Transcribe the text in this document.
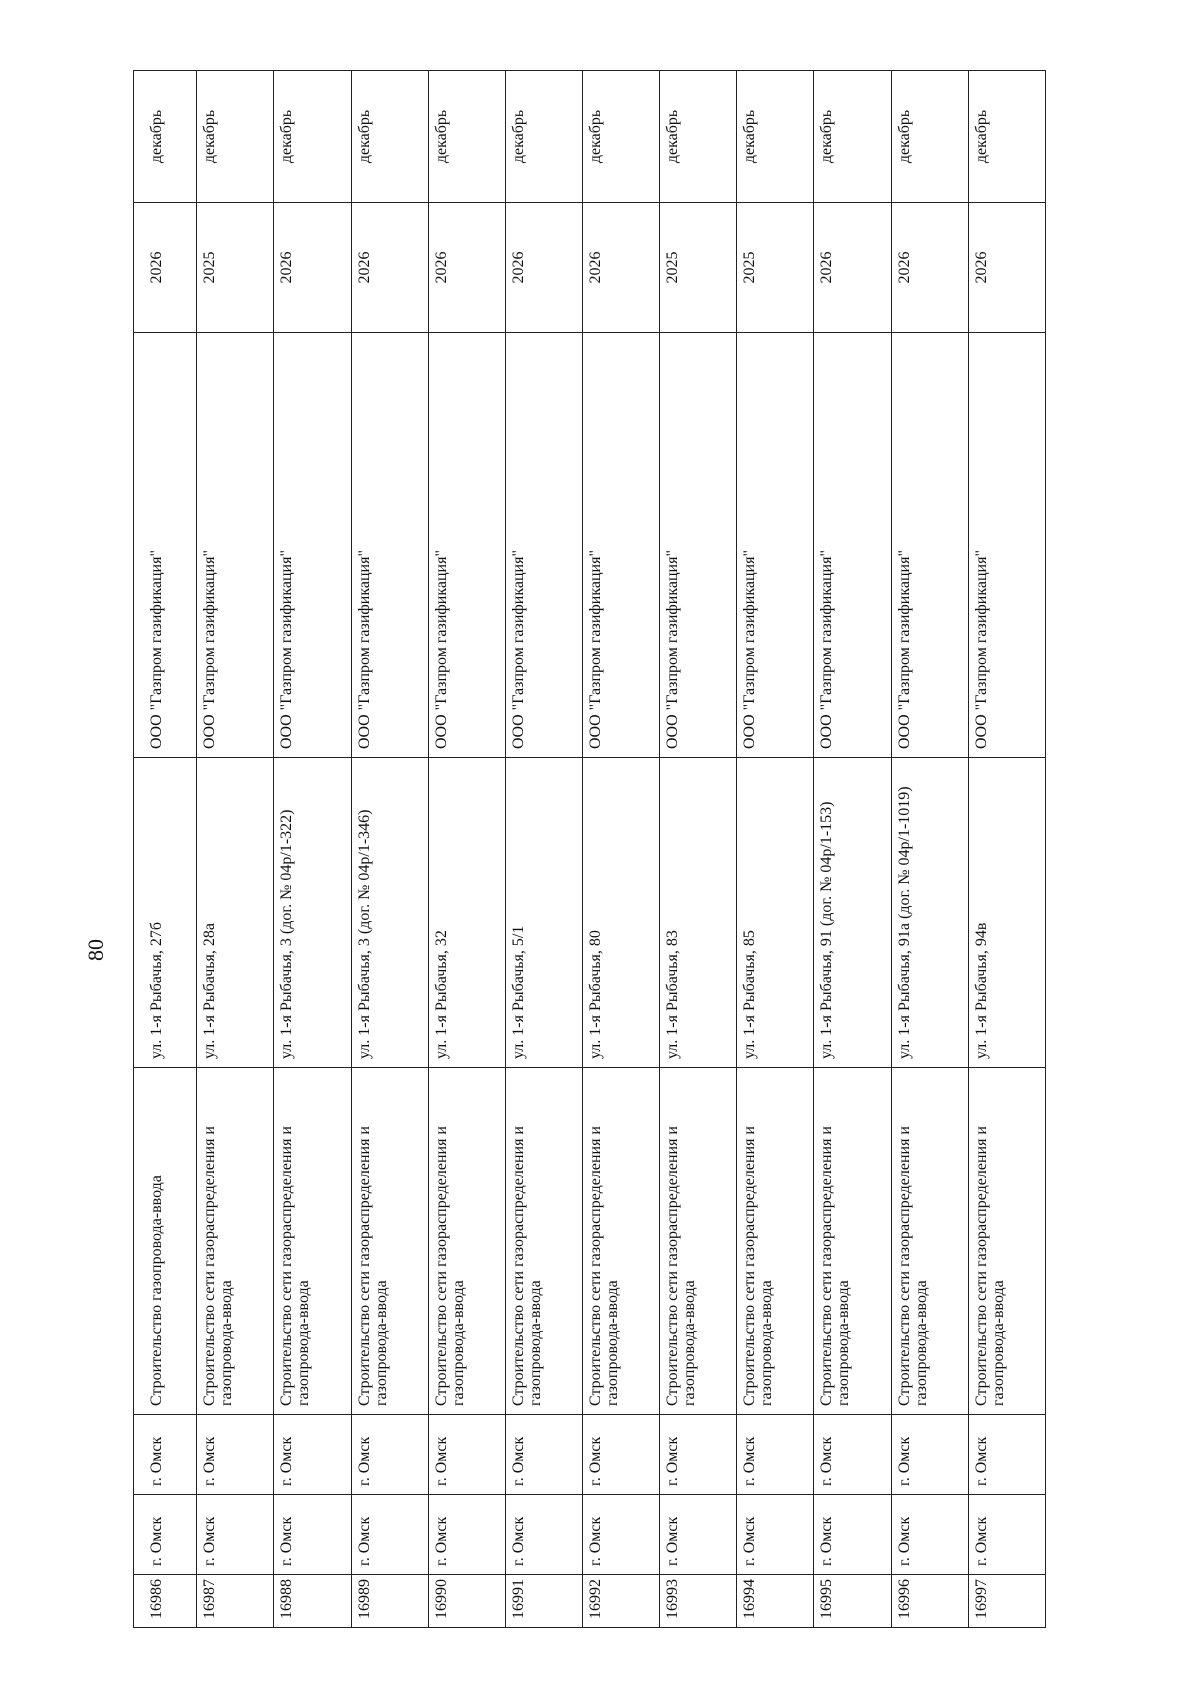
80
16986	г. Омск	г. Омск	Строительство газопровода-ввода	ул. 1-я Рыбачья, 27б	ООО "Газпром газификация"	2026	декабрь
16987	г. Омск	г. Омск	Строительство сети газораспределения и газопровода-ввода	ул. 1-я Рыбачья, 28а	ООО "Газпром газификация"	2025	декабрь
16988	г. Омск	г. Омск	Строительство сети газораспределения и газопровода-ввода	ул. 1-я Рыбачья, 3 (дог. № 04р/1-322)	ООО "Газпром газификация"	2026	декабрь
16989	г. Омск	г. Омск	Строительство сети газораспределения и газопровода-ввода	ул. 1-я Рыбачья, 3 (дог. № 04р/1-346)	ООО "Газпром газификация"	2026	декабрь
16990	г. Омск	г. Омск	Строительство сети газораспределения и газопровода-ввода	ул. 1-я Рыбачья, 32	ООО "Газпром газификация"	2026	декабрь
16991	г. Омск	г. Омск	Строительство сети газораспределения и газопровода-ввода	ул. 1-я Рыбачья, 5/1	ООО "Газпром газификация"	2026	декабрь
16992	г. Омск	г. Омск	Строительство сети газораспределения и газопровода-ввода	ул. 1-я Рыбачья, 80	ООО "Газпром газификация"	2026	декабрь
16993	г. Омск	г. Омск	Строительство сети газораспределения и газопровода-ввода	ул. 1-я Рыбачья, 83	ООО "Газпром газификация"	2025	декабрь
16994	г. Омск	г. Омск	Строительство сети газораспределения и газопровода-ввода	ул. 1-я Рыбачья, 85	ООО "Газпром газификация"	2025	декабрь
16995	г. Омск	г. Омск	Строительство сети газораспределения и газопровода-ввода	ул. 1-я Рыбачья, 91 (дог. № 04р/1-153)	ООО "Газпром газификация"	2026	декабрь
16996	г. Омск	г. Омск	Строительство сети газораспределения и газопровода-ввода	ул. 1-я Рыбачья, 91а (дог. № 04р/1-1019)	ООО "Газпром газификация"	2026	декабрь
16997	г. Омск	г. Омск	Строительство сети газораспределения и газопровода-ввода	ул. 1-я Рыбачья, 94в	ООО "Газпром газификация"	2026	декабрь
